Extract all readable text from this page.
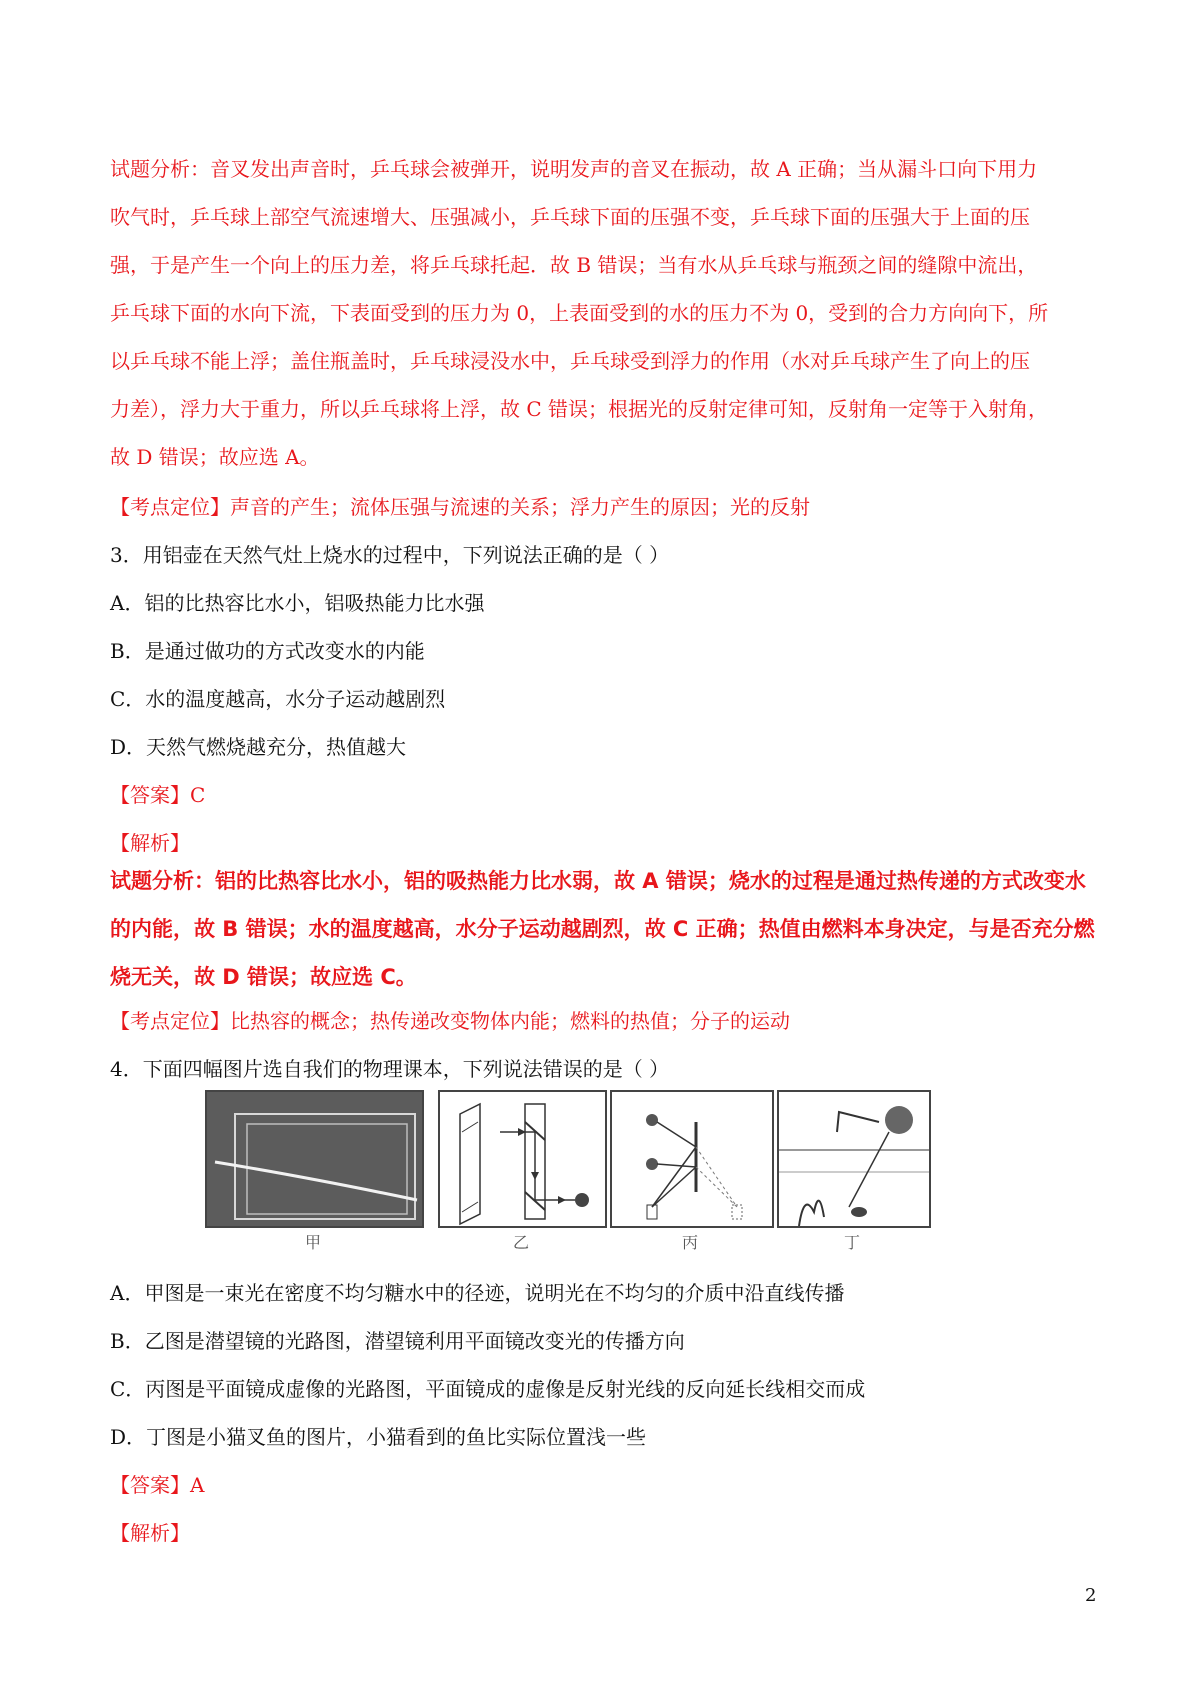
试题分析：音叉发出声音时，乒乓球会被弹开，说明发声的音叉在振动，故 A 正确；当从漏斗口向下用力
吹气时，乒乓球上部空气流速增大、压强减小，乒乓球下面的压强不变，乒乓球下面的压强大于上面的压
强，于是产生一个向上的压力差，将乒乓球托起．故 B 错误；当有水从乒乓球与瓶颈之间的缝隙中流出，
乒乓球下面的水向下流，下表面受到的压力为 0，上表面受到的水的压力不为 0，受到的合力方向向下，所
以乒乓球不能上浮；盖住瓶盖时，乒乓球浸没水中，乒乓球受到浮力的作用（水对乒乓球产生了向上的压
力差），浮力大于重力，所以乒乓球将上浮，故 C 错误；根据光的反射定律可知，反射角一定等于入射角，
故 D 错误；故应选 A。
【考点定位】声音的产生；流体压强与流速的关系；浮力产生的原因；光的反射
3．用铝壶在天然气灶上烧水的过程中，下列说法正确的是（ ）
A．铝的比热容比水小，铝吸热能力比水强
B．是通过做功的方式改变水的内能
C．水的温度越高，水分子运动越剧烈
D．天然气燃烧越充分，热值越大
【答案】C
【解析】
试题分析：铝的比热容比水小，铝的吸热能力比水弱，故 A 错误；烧水的过程是通过热传递的方式改变水
的内能，故 B 错误；水的温度越高，水分子运动越剧烈，故 C 正确；热值由燃料本身决定，与是否充分燃
烧无关，故 D 错误；故应选 C。
【考点定位】比热容的概念；热传递改变物体内能；燃料的热值；分子的运动
4．下面四幅图片选自我们的物理课本，下列说法错误的是（ ）
甲	乙	丙	丁
A．甲图是一束光在密度不均匀糖水中的径迹，说明光在不均匀的介质中沿直线传播
B．乙图是潜望镜的光路图，潜望镜利用平面镜改变光的传播方向
C．丙图是平面镜成虚像的光路图，平面镜成的虚像是反射光线的反向延长线相交而成
D．丁图是小猫叉鱼的图片，小猫看到的鱼比实际位置浅一些
【答案】A
【解析】
2
